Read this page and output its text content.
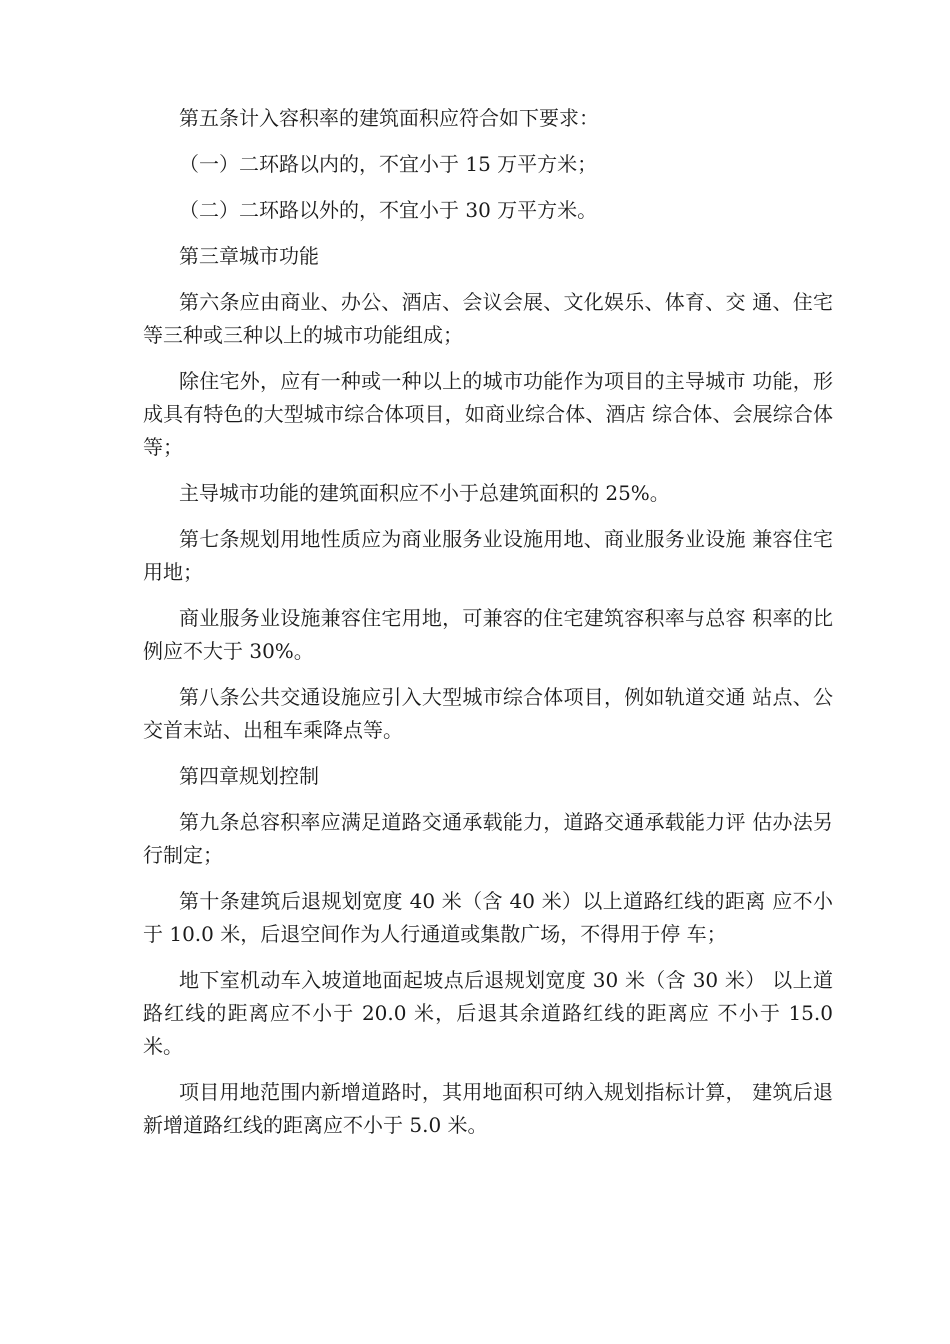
第五条计入容积率的建筑面积应符合如下要求：

（一）二环路以内的，不宜小于 15 万平方米；

（二）二环路以外的，不宜小于 30 万平方米。

第三章城市功能

第六条应由商业、办公、酒店、会议会展、文化娱乐、体育、交 通、住宅等三种或三种以上的城市功能组成；

除住宅外，应有一种或一种以上的城市功能作为项目的主导城市 功能，形成具有特色的大型城市综合体项目，如商业综合体、酒店 综合体、会展综合体等；

主导城市功能的建筑面积应不小于总建筑面积的 25%。

第七条规划用地性质应为商业服务业设施用地、商业服务业设施 兼容住宅用地；

商业服务业设施兼容住宅用地，可兼容的住宅建筑容积率与总容 积率的比例应不大于 30%。

第八条公共交通设施应引入大型城市综合体项目，例如轨道交通 站点、公交首末站、出租车乘降点等。

第四章规划控制

第九条总容积率应满足道路交通承载能力，道路交通承载能力评 估办法另行制定；

第十条建筑后退规划宽度 40 米（含 40 米）以上道路红线的距离 应不小于 10.0 米，后退空间作为人行通道或集散广场，不得用于停 车；

地下室机动车入坡道地面起坡点后退规划宽度 30 米（含 30 米） 以上道路红线的距离应不小于 20.0 米，后退其余道路红线的距离应 不小于 15.0 米。

项目用地范围内新增道路时，其用地面积可纳入规划指标计算， 建筑后退新增道路红线的距离应不小于 5.0 米。
